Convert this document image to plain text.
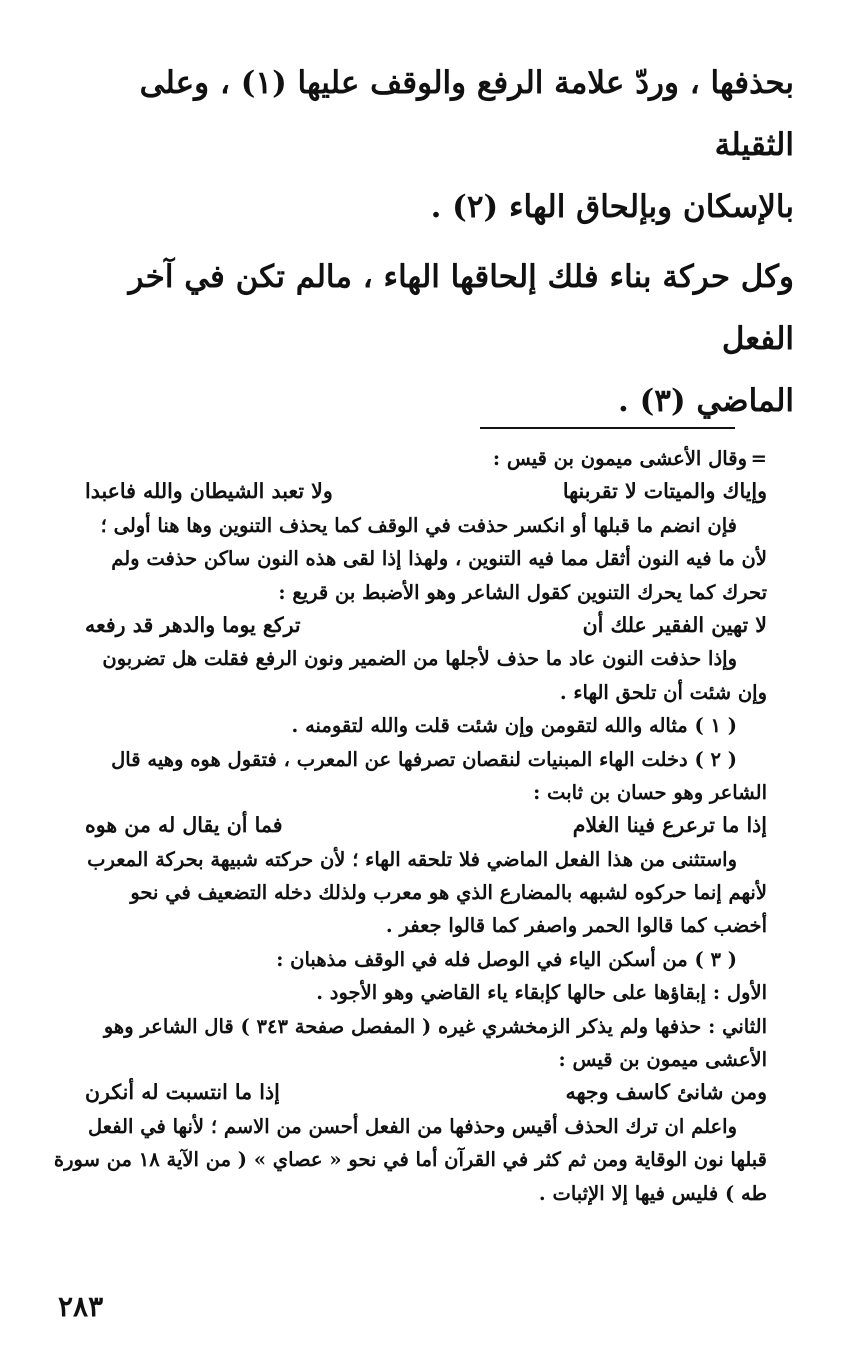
بحذفها ، وردّ علامة الرفع والوقف عليها (١) ، وعلى الثقيلة

بالإسكان وبإلحاق الهاء (٢) .

وكل حركة بناء فلك إلحاقها الهاء ، مالم تكن في آخر الفعل

الماضي (٣) .

=وقال الأعشى ميمون بن قيس :
وإياك والميتات لا تقربنها
ولا تعبد الشيطان والله فاعبدا
فإن انضم ما قبلها أو انكسر حذفت في الوقف كما يحذف التنوين وها هنا أولى ؛
لأن ما فيه النون أثقل مما فيه التنوين ، ولهذا إذا لقى هذه النون ساكن حذفت ولم
تحرك كما يحرك التنوين كقول الشاعر وهو الأضبط بن قريع :
لا تهين الفقير علك أن
تركع يوما والدهر قد رفعه
وإذا حذفت النون عاد ما حذف لأجلها من الضمير ونون الرفع فقلت هل تضربون
وإن شئت أن تلحق الهاء .
( ١ ) مثاله والله لتقومن وإن شئت قلت والله لتقومنه .
( ٢ ) دخلت الهاء المبنيات لنقصان تصرفها عن المعرب ، فتقول هوه وهيه قال
الشاعر وهو حسان بن ثابت :
إذا ما ترعرع فينا الغلام
فما أن يقال له من هوه
واستثنى من هذا الفعل الماضي فلا تلحقه الهاء ؛ لأن حركته شبيهة بحركة المعرب
لأنهم إنما حركوه لشبهه بالمضارع الذي هو معرب ولذلك دخله التضعيف في نحو
أخضب كما قالوا الحمر واصفر كما قالوا جعفر .
( ٣ ) من أسكن الياء في الوصل فله في الوقف مذهبان :
الأول : إبقاؤها على حالها كإبقاء ياء القاضي وهو الأجود .
الثاني : حذفها ولم يذكر الزمخشري غيره ( المفصل صفحة ٣٤٣ ) قال الشاعر وهو
الأعشى ميمون بن قيس :
ومن شانئ كاسف وجهه
إذا ما انتسبت له أنكرن
واعلم ان ترك الحذف أقيس وحذفها من الفعل أحسن من الاسم ؛ لأنها في الفعل
قبلها نون الوقاية ومن ثم كثر في القرآن أما في نحو « عصاي » ( من الآية ١٨ من سورة
طه ) فليس فيها إلا الإثبات .
٢٨٣
